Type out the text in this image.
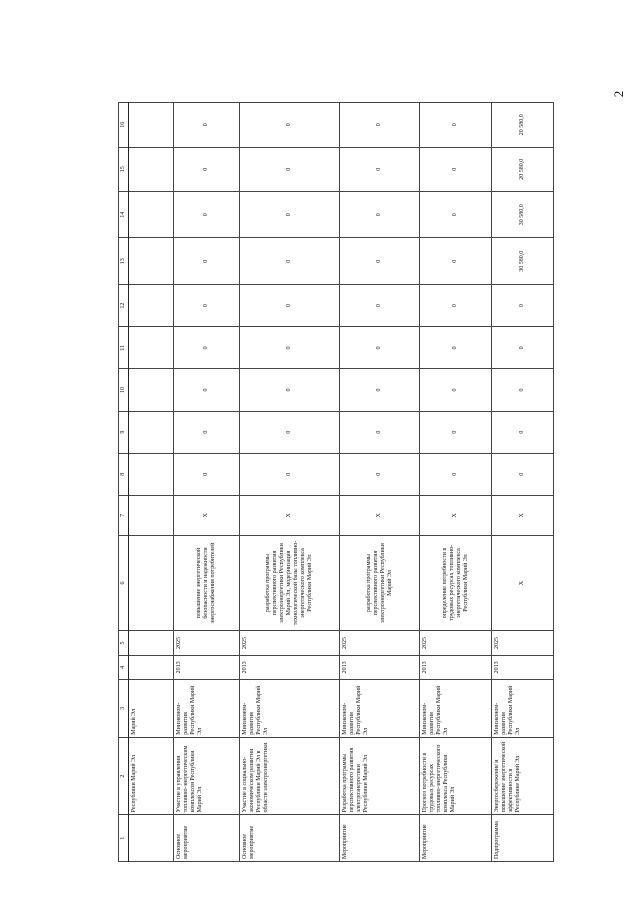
2
1	2	3	4	5	6	7	8	9	10	11	12	13	14	15	16
	Республики Марий Эл	Марий Эл													
Основное мероприятие	Участие в управлении топливно-энергетическим комплексом Республики Марий Эл	Минэконом-развития Республики Марий Эл	2013	2025	повышение энергетической безопасности и надежности энергоснабжения потребителей	X	0	0	0	0	0	0	0	0	0
Основное мероприятие	Участие в социально-экономическом развитии Республики Марий Эл в области электроэнергетики	Минэконом-развития Республики Марий Эл	2013	2025	разработка программы перспективного развития электроэнергетики Республики Марий Эл, модернизация технологической базы топливно-энергетического комплекса Республики Марий Эл	X	0	0	0	0	0	0	0	0	0
Мероприятие	Разработка программы перспективного развития электроэнергетики Республики Марий Эл	Минэконом-развития Республики Марий Эл	2013	2025	разработка программы перспективного развития электроэнергетики Республики Марий Эл	X	0	0	0	0	0	0	0	0	0
Мероприятие	Прогноз потребности в трудовых ресурсах топливно-энергетического комплекса Республики Марий Эл	Минэконом-развития Республики Марий Эл	2013	2025	определение потребности в трудовых ресурсах топливно-энергетического комплекса Республики Марий Эл	X	0	0	0	0	0	0	0	0	0
Подпрограмма	Энергосбережение и повышение энергетической эффективности в Республике Марий Эл	Минэконом-развития Республики Марий Эл	2013	2025	X	X	0	0	0	0	0	30 580,0	30 580,0	20 580,0	20 580,0
